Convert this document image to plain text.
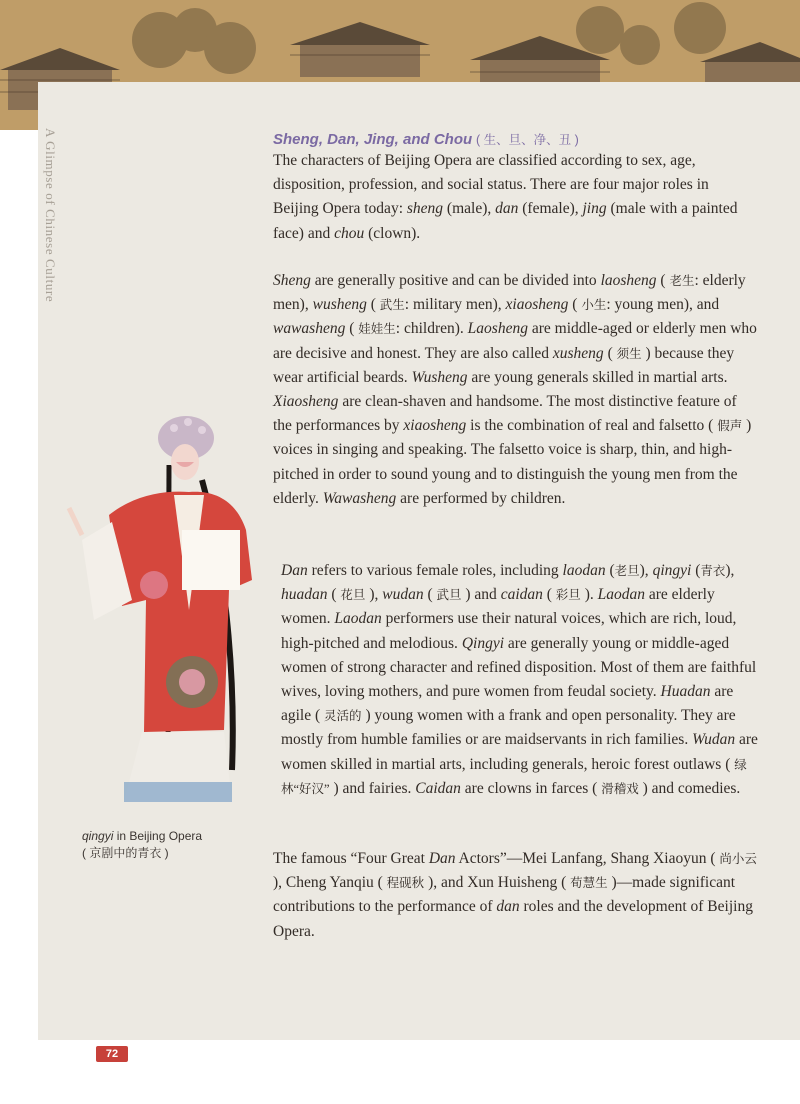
A Glimpse of Chinese Culture	Sheng, Dan, Jing, and Chou ( 生、旦、净、丑 )

The characters of Beijing Opera are classified according to sex, age, disposition, profession, and social status. There are four major roles in Beijing Opera today: sheng (male), dan (female), jing (male with a painted face) and chou (clown).

Sheng are generally positive and can be divided into laosheng ( 老生: elderly men), wusheng ( 武生: military men), xiaosheng ( 小生: young men), and wawasheng ( 娃娃生: children). Laosheng are middle-aged or elderly men who are decisive and honest. They are also called xusheng ( 须生 ) because they wear artificial beards. Wusheng are young generals skilled in martial arts. Xiaosheng are clean-shaven and handsome. The most distinctive feature of the performances by xiaosheng is the combination of real and falsetto ( 假声 ) voices in singing and speaking. The falsetto voice is sharp, thin, and high-pitched in order to sound young and to distinguish the young men from the elderly. Wawasheng are performed by children.

Dan refers to various female roles, including laodan (老旦), qingyi (青衣), huadan ( 花旦 ), wudan ( 武旦 ) and caidan ( 彩旦 ). Laodan are elderly women. Laodan performers use their natural voices, which are rich, loud, high-pitched and melodious. Qingyi are generally young or middle-aged women of strong character and refined disposition. Most of them are faithful wives, loving mothers, and pure women from feudal society. Huadan are agile ( 灵活的 ) young women with a frank and open personality. They are mostly from humble families or are maidservants in rich families. Wudan are women skilled in martial arts, including generals, heroic forest outlaws ( 绿林“好汉” ) and fairies. Caidan are clowns in farces ( 滑稽戏 ) and comedies.

The famous “Four Great Dan Actors”—Mei Lanfang, Shang Xiaoyun ( 尚小云 ), Cheng Yanqiu ( 程砚秋 ), and Xun Huisheng ( 荀慧生 )—made significant contributions to the performance of dan roles and the development of Beijing Opera.

qingyi in Beijing Opera
( 京剧中的青衣 )
72
